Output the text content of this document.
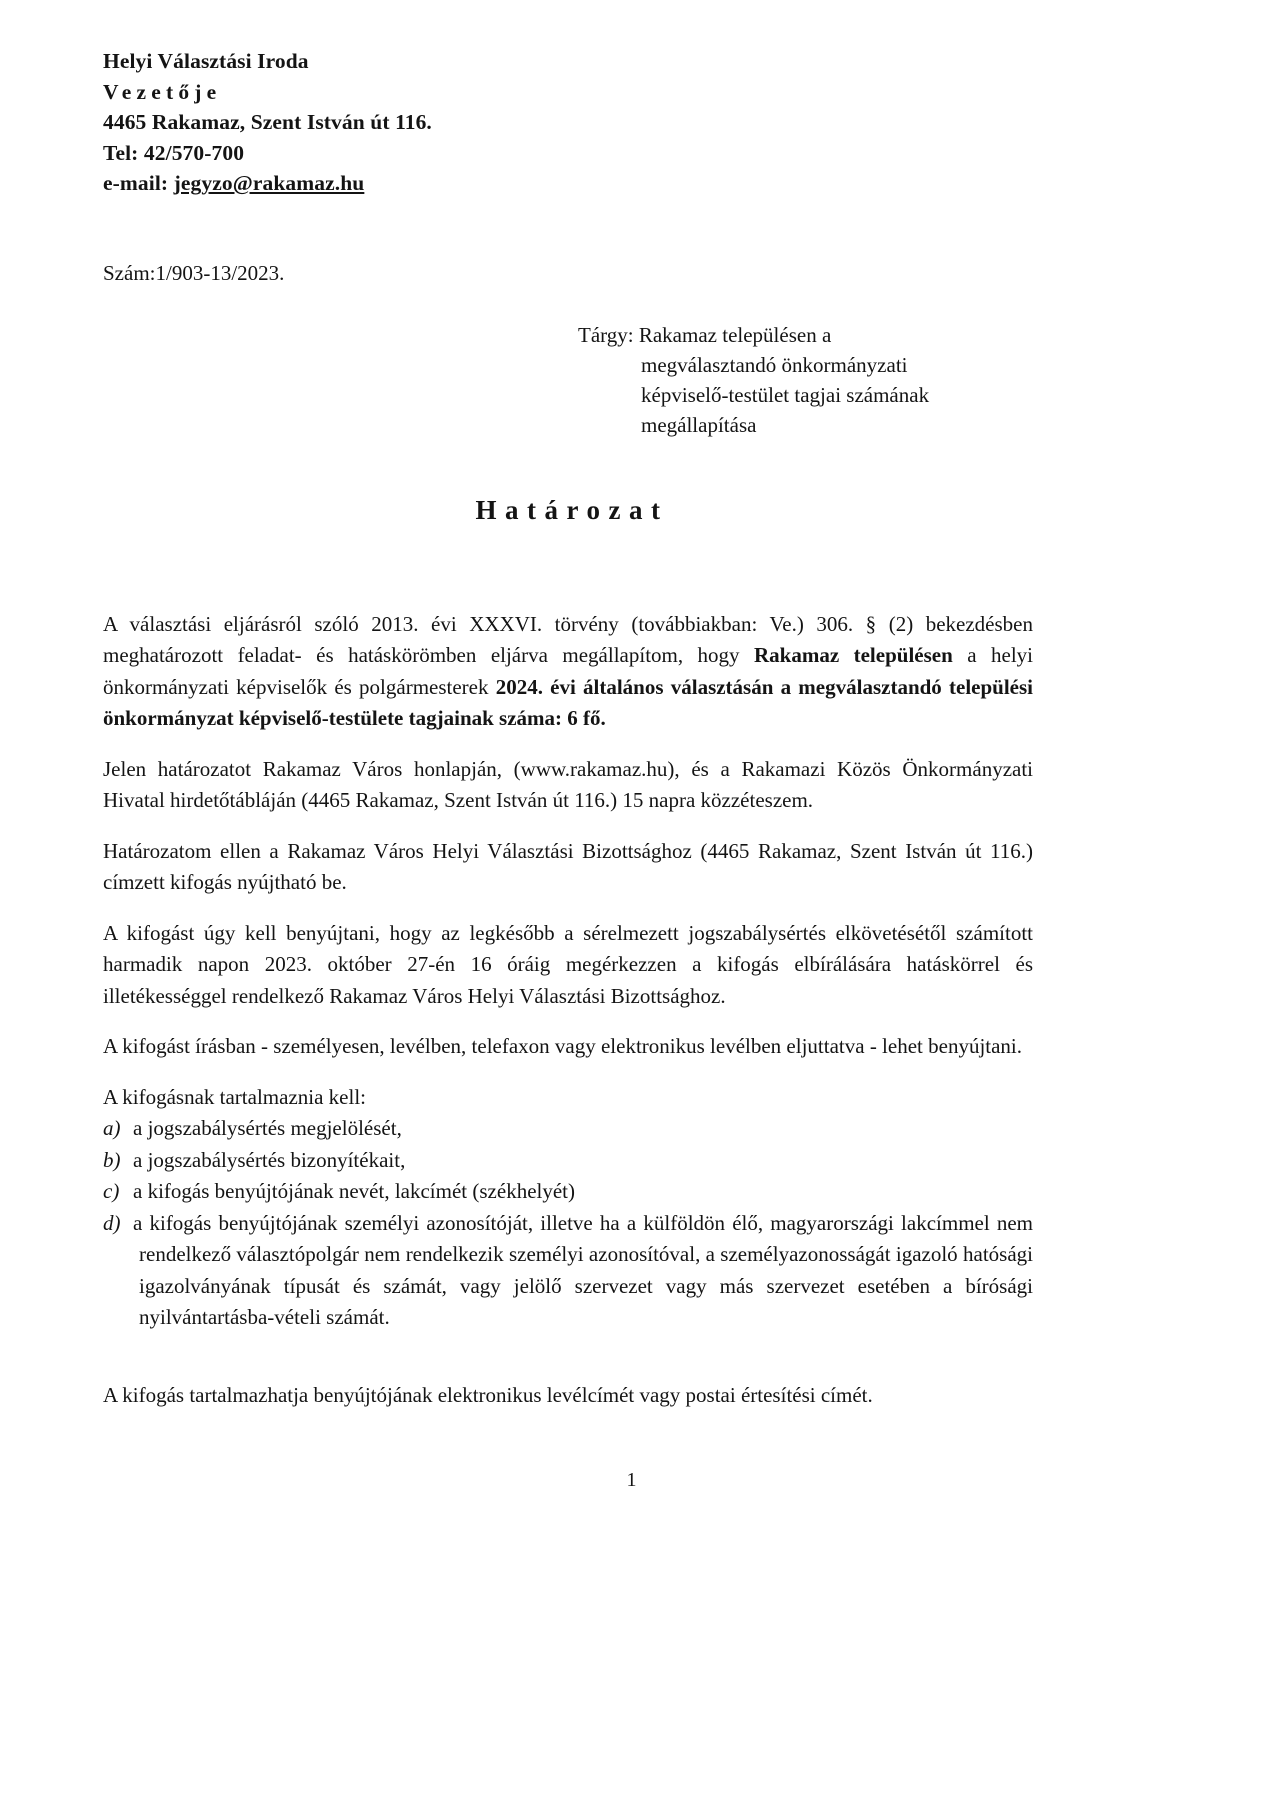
Helyi Választási Iroda
Vezetője
4465 Rakamaz, Szent István út 116.
Tel: 42/570-700
e-mail: jegyzo@rakamaz.hu
Szám:1/903-13/2023.
Tárgy: Rakamaz településen a
megválasztandó önkormányzati
képviselő-testület tagjai számának
megállapítása
Határozat

A választási eljárásról szóló 2013. évi XXXVI. törvény (továbbiakban: Ve.) 306. § (2) bekezdésben meghatározott feladat- és hatáskörömben eljárva megállapítom, hogy Rakamaz településen a helyi önkormányzati képviselők és polgármesterek 2024. évi általános választásán a megválasztandó települési önkormányzat képviselő-testülete tagjainak száma: 6 fő.

Jelen határozatot Rakamaz Város honlapján, (www.rakamaz.hu), és a Rakamazi Közös Önkormányzati Hivatal hirdetőtábláján (4465 Rakamaz, Szent István út 116.) 15 napra közzéteszem.

Határozatom ellen a Rakamaz Város Helyi Választási Bizottsághoz (4465 Rakamaz, Szent István út 116.) címzett kifogás nyújtható be.

A kifogást úgy kell benyújtani, hogy az legkésőbb a sérelmezett jogszabálysértés elkövetésétől számított harmadik napon 2023. október 27-én 16 óráig megérkezzen a kifogás elbírálására hatáskörrel és illetékességgel rendelkező Rakamaz Város Helyi Választási Bizottsághoz.

A kifogást írásban - személyesen, levélben, telefaxon vagy elektronikus levélben eljuttatva - lehet benyújtani.

A kifogásnak tartalmaznia kell:

a) a jogszabálysértés megjelölését,
b) a jogszabálysértés bizonyítékait,
c) a kifogás benyújtójának nevét, lakcímét (székhelyét)
d) a kifogás benyújtójának személyi azonosítóját, illetve ha a külföldön élő, magyarországi lakcímmel nem rendelkező választópolgár nem rendelkezik személyi azonosítóval, a személyazonosságát igazoló hatósági igazolványának típusát és számát, vagy jelölő szervezet vagy más szervezet esetében a bírósági nyilvántartásba-vételi számát.

A kifogás tartalmazhatja benyújtójának elektronikus levélcímét vagy postai értesítési címét.

1
